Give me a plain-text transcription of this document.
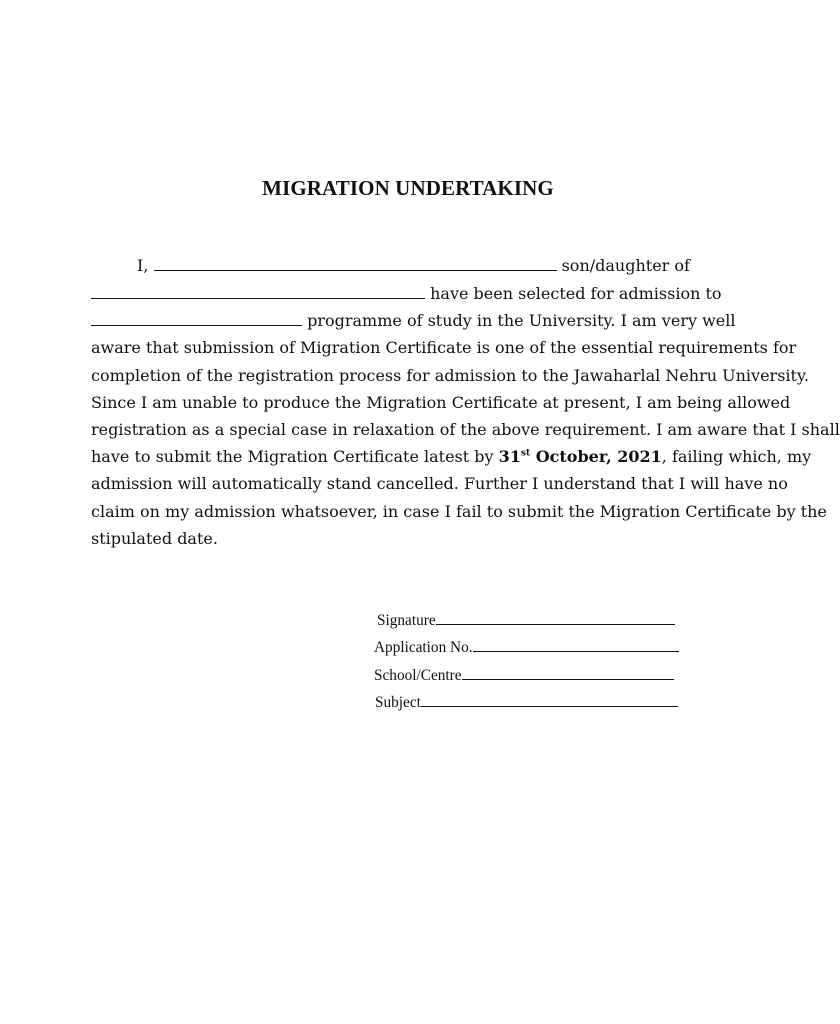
MIGRATION UNDERTAKING
I,	son/daughter of
have been selected for admission to
programme of study in the University. I am very well
aware that submission of Migration Certificate is one of the essential requirements for
completion of the registration process for admission to the Jawaharlal Nehru University.
Since I am unable to produce the Migration Certificate at present, I am being allowed
registration as a special case in relaxation of the above requirement. I am aware that I shall
have to submit the Migration Certificate latest by 31st October, 2021, failing which, my
admission will automatically stand cancelled. Further I understand that I will have no
claim on my admission whatsoever, in case I fail to submit the Migration Certificate by the
stipulated date.
Signature
Application No.
School/Centre
Subject
